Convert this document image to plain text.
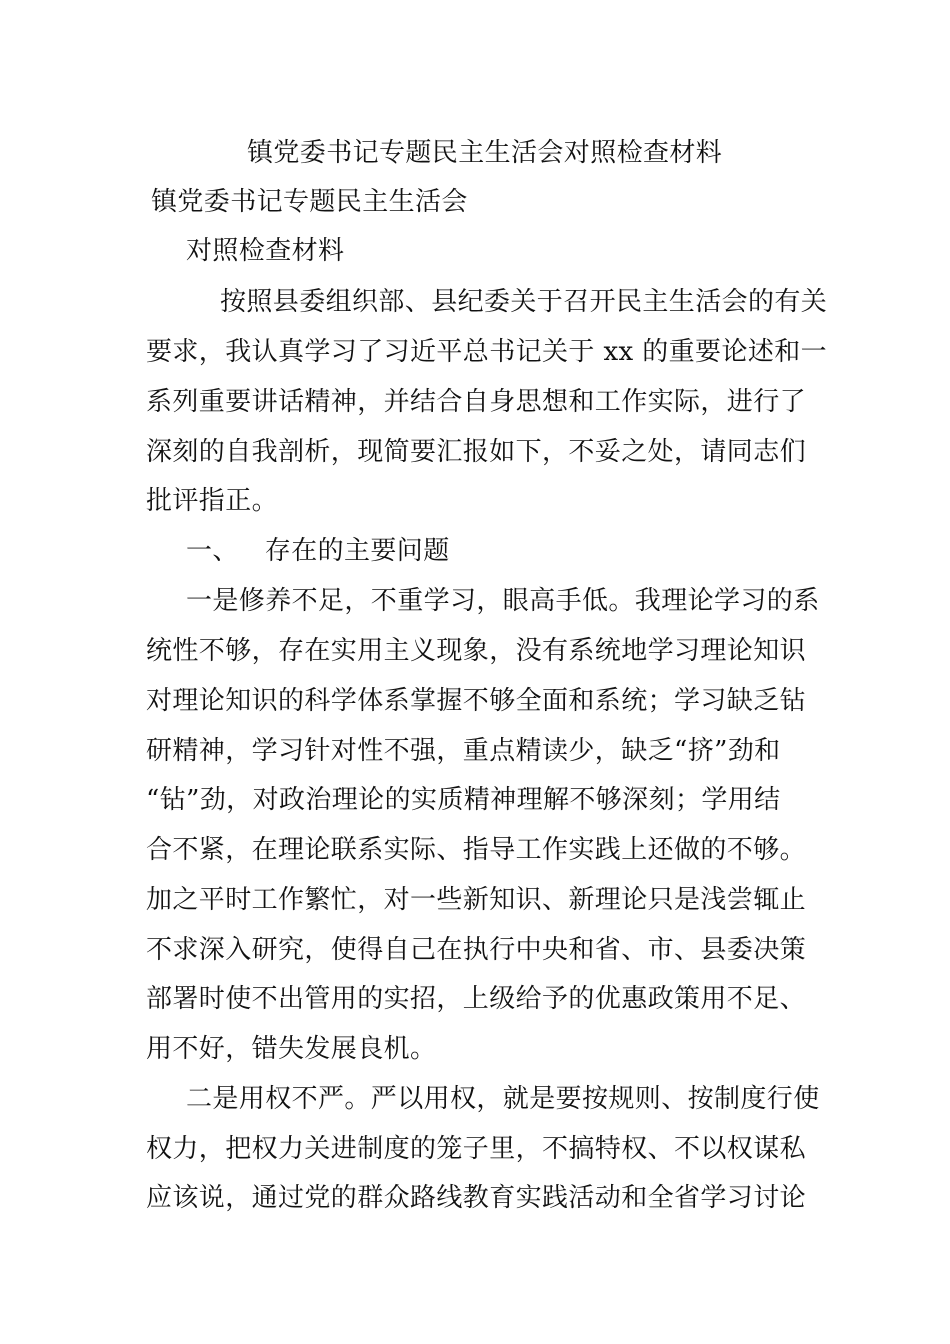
镇党委书记专题民主生活会对照检查材料
镇党委书记专题民主生活会
对照检查材料
按照县委组织部、县纪委关于召开民主生活会的有关
要求，我认真学习了习近平总书记关于 xx 的重要论述和一
系列重要讲话精神，并结合自身思想和工作实际，进行了
深刻的自我剖析，现简要汇报如下，不妥之处，请同志们
批评指正。
一、   存在的主要问题
一是修养不足，不重学习，眼高手低。我理论学习的系
统性不够，存在实用主义现象，没有系统地学习理论知识
对理论知识的科学体系掌握不够全面和系统；学习缺乏钻
研精神，学习针对性不强，重点精读少，缺乏“挤”劲和
“钻”劲，对政治理论的实质精神理解不够深刻；学用结
合不紧，在理论联系实际、指导工作实践上还做的不够。
加之平时工作繁忙，对一些新知识、新理论只是浅尝辄止
不求深入研究，使得自己在执行中央和省、市、县委决策
部署时使不出管用的实招，上级给予的优惠政策用不足、
用不好，错失发展良机。
二是用权不严。严以用权，就是要按规则、按制度行使
权力，把权力关进制度的笼子里，不搞特权、不以权谋私
应该说，通过党的群众路线教育实践活动和全省学习讨论
